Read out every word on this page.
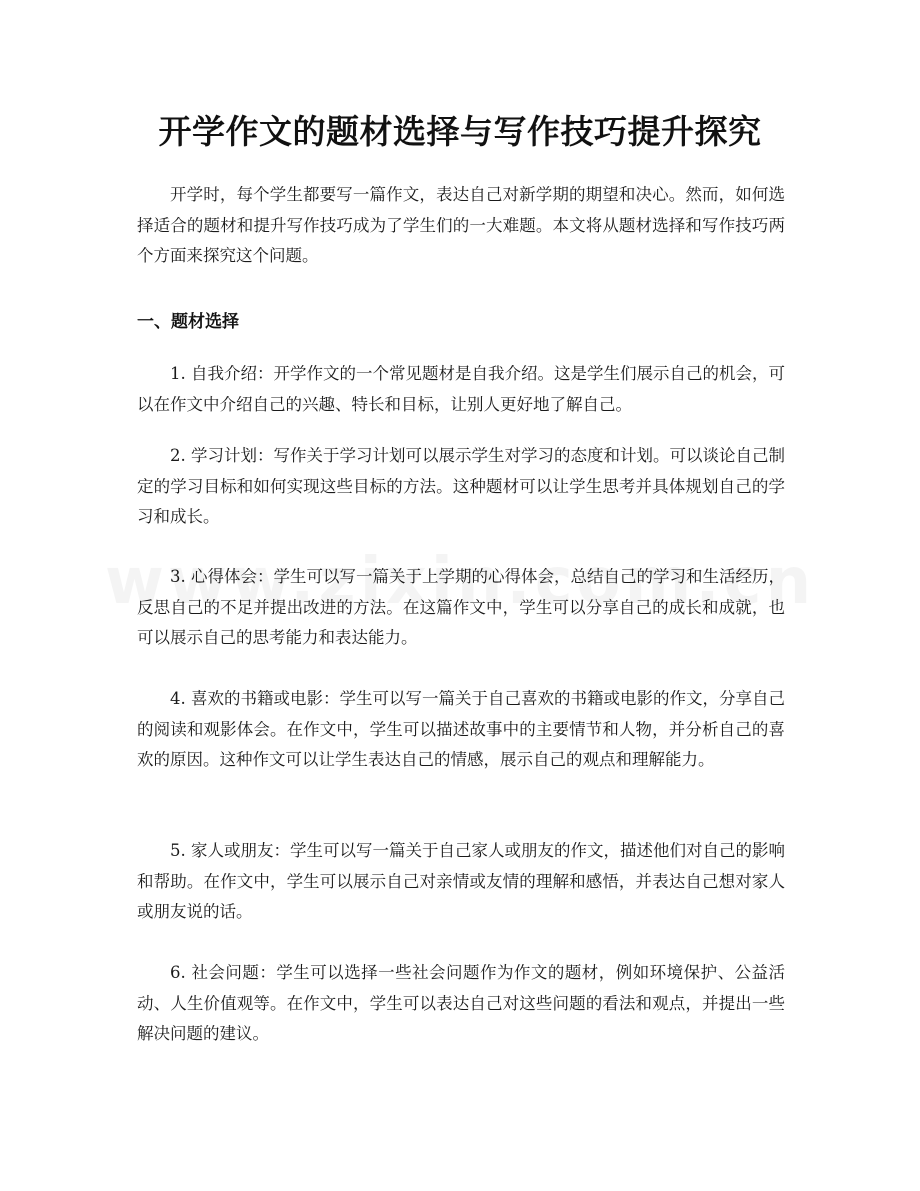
开学作文的题材选择与写作技巧提升探究

开学时，每个学生都要写一篇作文，表达自己对新学期的期望和决心。然而，如何选择适合的题材和提升写作技巧成为了学生们的一大难题。本文将从题材选择和写作技巧两个方面来探究这个问题。

一、题材选择

1. 自我介绍：开学作文的一个常见题材是自我介绍。这是学生们展示自己的机会，可以在作文中介绍自己的兴趣、特长和目标，让别人更好地了解自己。

2. 学习计划：写作关于学习计划可以展示学生对学习的态度和计划。可以谈论自己制定的学习目标和如何实现这些目标的方法。这种题材可以让学生思考并具体规划自己的学习和成长。

3. 心得体会：学生可以写一篇关于上学期的心得体会，总结自己的学习和生活经历，反思自己的不足并提出改进的方法。在这篇作文中，学生可以分享自己的成长和成就，也可以展示自己的思考能力和表达能力。

4. 喜欢的书籍或电影：学生可以写一篇关于自己喜欢的书籍或电影的作文，分享自己的阅读和观影体会。在作文中，学生可以描述故事中的主要情节和人物，并分析自己的喜欢的原因。这种作文可以让学生表达自己的情感，展示自己的观点和理解能力。

5. 家人或朋友：学生可以写一篇关于自己家人或朋友的作文，描述他们对自己的影响和帮助。在作文中，学生可以展示自己对亲情或友情的理解和感悟，并表达自己想对家人或朋友说的话。

6. 社会问题：学生可以选择一些社会问题作为作文的题材，例如环境保护、公益活动、人生价值观等。在作文中，学生可以表达自己对这些问题的看法和观点，并提出一些解决问题的建议。
